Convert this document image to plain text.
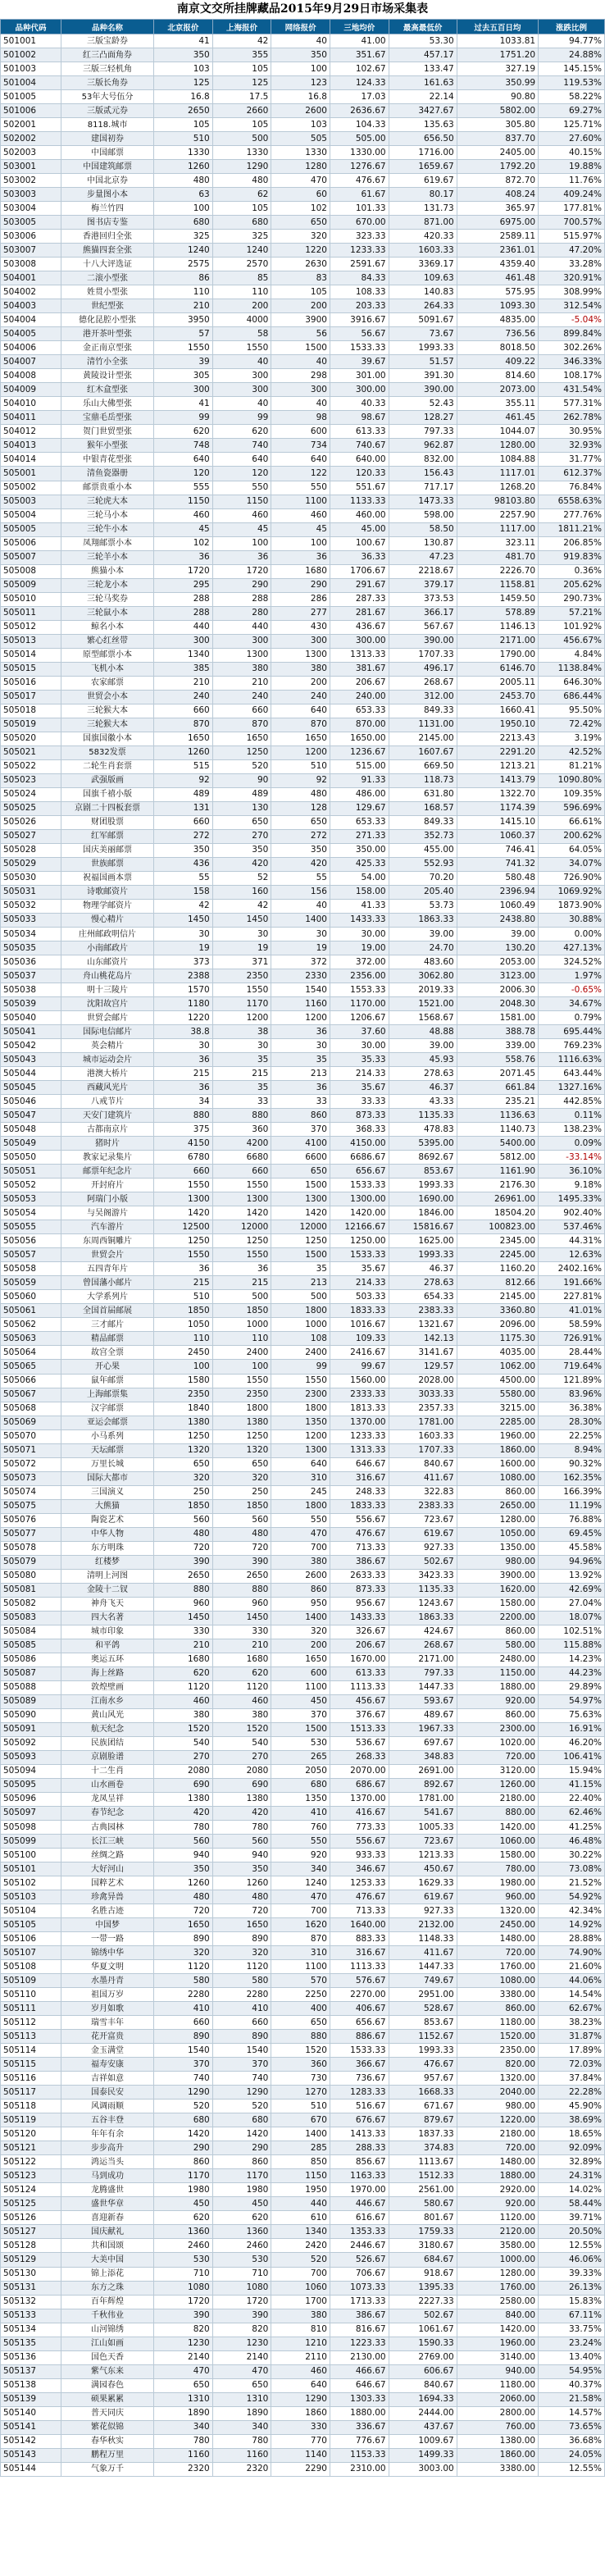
南京文交所挂牌藏品2015年9月29日市场采集表
品种代码	品种名称	北京报价	上海报价	网络报价	三地均价	最高最低价	过去五百日均	涨跌比例
501001	三版宝龄券	41	42	40	41.00	53.30	1033.81	94.77%
501002	红三凸面角券	350	355	350	351.67	457.17	1751.20	24.88%
501003	三版三轻机角	103	105	100	102.67	133.47	327.19	145.15%
501004	三版长角券	125	125	123	124.33	161.63	350.99	119.53%
501005	53年大号伍分	16.8	17.5	16.8	17.03	22.14	90.80	58.22%
501006	三版贰元券	2650	2660	2600	2636.67	3427.67	5802.00	69.27%
502001	8118.城市	105	105	103	104.33	135.63	305.80	125.71%
502002	建国初券	510	500	505	505.00	656.50	837.70	27.60%
502003	中国邮票	1330	1330	1330	1330.00	1716.00	2405.00	40.15%
503001	中国建筑邮票	1260	1290	1280	1276.67	1659.67	1792.20	19.88%
503002	中国北京券	480	480	470	476.67	619.67	872.70	11.76%
503003	步量图小本	63	62	60	61.67	80.17	408.24	409.24%
503004	梅兰竹四	100	105	102	101.33	131.73	365.97	177.81%
503005	图书店专鉴	680	680	650	670.00	871.00	6975.00	700.57%
503006	香港回归全张	325	325	320	323.33	420.33	2589.11	515.97%
503007	熊猫四套全张	1240	1240	1220	1233.33	1603.33	2361.01	47.20%
503008	十八大评选证	2575	2570	2630	2591.67	3369.17	4359.40	33.28%
504001	二滚小型张	86	85	83	84.33	109.63	461.48	320.91%
504002	姓贯小型张	110	110	105	108.33	140.83	575.95	308.99%
504003	世纪型张	210	200	200	203.33	264.33	1093.30	312.54%
504004	德化昆腔小型张	3950	4000	3900	3916.67	5091.67	4835.00	-5.04%
504005	港开茶叶型张	57	58	56	56.67	73.67	736.56	899.84%
504006	金正南京型张	1550	1550	1500	1533.33	1993.33	8018.50	302.26%
504007	清竹小全张	39	40	40	39.67	51.57	409.22	346.33%
504008	黄陵设计型张	305	300	298	301.00	391.30	814.60	108.17%
504009	红木盒型张	300	300	300	300.00	390.00	2073.00	431.54%
504010	乐山大佛型张	41	40	40	40.33	52.43	355.11	577.31%
504011	宝鼎毛岳型张	99	99	98	98.67	128.27	461.45	262.78%
504012	贺门世贸型张	620	620	600	613.33	797.33	1044.07	30.95%
504013	猴年小型张	748	740	734	740.67	962.87	1280.00	32.93%
504014	中银青花型张	640	640	640	640.00	832.00	1084.88	31.77%
505001	清鱼瓷器册	120	120	122	120.33	156.43	1117.01	612.37%
505002	邮票贵重小本	555	550	550	551.67	717.17	1268.20	76.84%
505003	三轮虎大本	1150	1150	1100	1133.33	1473.33	98103.80	6558.63%
505004	三轮马小本	460	460	460	460.00	598.00	2257.90	277.76%
505005	三轮牛小本	45	45	45	45.00	58.50	1117.00	1811.21%
505006	凤翔邮票小本	102	100	100	100.67	130.87	323.11	206.85%
505007	三轮羊小本	36	36	36	36.33	47.23	481.70	919.83%
505008	熊猫小本	1720	1720	1680	1706.67	2218.67	2226.70	0.36%
505009	三轮龙小本	295	290	290	291.67	379.17	1158.81	205.62%
505010	三轮马奖券	288	288	286	287.33	373.53	1459.50	290.73%
505011	三轮鼠小本	288	280	277	281.67	366.17	578.89	57.21%
505012	鲸名小本	440	440	430	436.67	567.67	1146.13	101.92%
505013	繁心红丝带	300	300	300	300.00	390.00	2171.00	456.67%
505014	原型邮票小本	1340	1300	1300	1313.33	1707.33	1790.00	4.84%
505015	飞机小本	385	380	380	381.67	496.17	6146.70	1138.84%
505016	农家邮票	210	210	200	206.67	268.67	2005.11	646.30%
505017	世贸会小本	240	240	240	240.00	312.00	2453.70	686.44%
505018	三轮猴大本	660	660	640	653.33	849.33	1660.41	95.50%
505019	三轮猴大本	870	870	870	870.00	1131.00	1950.10	72.42%
505020	国旗国徽小本	1650	1650	1650	1650.00	2145.00	2213.43	3.19%
505021	5832发票	1260	1250	1200	1236.67	1607.67	2291.20	42.52%
505022	二轮生肖套票	515	520	510	515.00	669.50	1213.21	81.21%
505023	武强版画	92	90	92	91.33	118.73	1413.79	1090.80%
505024	国旗千禧小版	489	489	480	486.00	631.80	1322.70	109.35%
505025	京剧二十四板套票	131	130	128	129.67	168.57	1174.39	596.69%
505026	财团股票	660	650	650	653.33	849.33	1415.10	66.61%
505027	红军邮票	272	270	272	271.33	352.73	1060.37	200.62%
505028	国庆美丽邮票	350	350	350	350.00	455.00	746.41	64.05%
505029	世族邮票	436	420	420	425.33	552.93	741.32	34.07%
505030	祝福国画本票	55	52	55	54.00	70.20	580.48	726.90%
505031	诗歌邮资片	158	160	156	158.00	205.40	2396.94	1069.92%
505032	物理学邮资片	42	42	40	41.33	53.73	1060.49	1873.90%
505033	慢心精片	1450	1450	1400	1433.33	1863.33	2438.80	30.88%
505034	庄州邮政明信片	30	30	30	30.00	39.00	39.00	0.00%
505035	小南邮政片	19	19	19	19.00	24.70	130.20	427.13%
505036	山东邮资片	373	371	372	372.00	483.60	2053.00	324.52%
505037	舟山桃花岛片	2388	2350	2330	2356.00	3062.80	3123.00	1.97%
505038	明十三陵片	1570	1550	1540	1553.33	2019.33	2006.30	-0.65%
505039	沈阳故宫片	1180	1170	1160	1170.00	1521.00	2048.30	34.67%
505040	世贸会邮片	1220	1200	1200	1206.67	1568.67	1581.00	0.79%
505041	国际电信邮片	38.8	38	36	37.60	48.88	388.78	695.44%
505042	英会精片	30	30	30	30.00	39.00	339.00	769.23%
505043	城市运动会片	36	35	35	35.33	45.93	558.76	1116.63%
505044	港澳大桥片	215	215	213	214.33	278.63	2071.45	643.44%
505045	西藏风光片	36	35	36	35.67	46.37	661.84	1327.16%
505046	八戒节片	34	33	33	33.33	43.33	235.21	442.85%
505047	天安门建筑片	880	880	860	873.33	1135.33	1136.63	0.11%
505048	古都南京片	375	360	370	368.33	478.83	1140.73	138.23%
505049	猪时片	4150	4200	4100	4150.00	5395.00	5400.00	0.09%
505050	教家记录集片	6780	6680	6600	6686.67	8692.67	5812.00	-33.14%
505051	邮票年纪念片	660	660	650	656.67	853.67	1161.90	36.10%
505052	开封府片	1550	1550	1500	1533.33	1993.33	2176.30	9.18%
505053	阿瑞门小版	1300	1300	1300	1300.00	1690.00	26961.00	1495.33%
505054	与吴阁游片	1420	1420	1420	1420.00	1846.00	18504.20	902.40%
505055	汽车游片	12500	12000	12000	12166.67	15816.67	100823.00	537.46%
505056	东周西铜雕片	1250	1250	1250	1250.00	1625.00	2345.00	44.31%
505057	世贸会片	1550	1550	1500	1533.33	1993.33	2245.00	12.63%
505058	五四青年片	36	36	35	35.67	46.37	1160.20	2402.16%
505059	曾国藩小邮片	215	215	213	214.33	278.63	812.66	191.66%
505060	大学系列片	510	500	500	503.33	654.33	2145.00	227.81%
505061	全国首届邮展	1850	1850	1800	1833.33	2383.33	3360.80	41.01%
505062	三才邮片	1050	1000	1000	1016.67	1321.67	2096.00	58.59%
505063	精品邮票	110	110	108	109.33	142.13	1175.30	726.91%
505064	故宫全票	2450	2400	2400	2416.67	3141.67	4035.00	28.44%
505065	开心果	100	100	99	99.67	129.57	1062.00	719.64%
505066	鼠年邮票	1580	1550	1550	1560.00	2028.00	4500.00	121.89%
505067	上海邮票集	2350	2350	2300	2333.33	3033.33	5580.00	83.96%
505068	汉字邮票	1840	1800	1800	1813.33	2357.33	3215.00	36.38%
505069	亚运会邮票	1380	1380	1350	1370.00	1781.00	2285.00	28.30%
505070	小马系列	1250	1250	1200	1233.33	1603.33	1960.00	22.25%
505071	天坛邮票	1320	1320	1300	1313.33	1707.33	1860.00	8.94%
505072	万里长城	650	650	640	646.67	840.67	1600.00	90.32%
505073	国际大都市	320	320	310	316.67	411.67	1080.00	162.35%
505074	三国演义	250	250	245	248.33	322.83	860.00	166.39%
505075	大熊猫	1850	1850	1800	1833.33	2383.33	2650.00	11.19%
505076	陶瓷艺术	560	560	550	556.67	723.67	1280.00	76.88%
505077	中华人物	480	480	470	476.67	619.67	1050.00	69.45%
505078	东方明珠	720	720	700	713.33	927.33	1350.00	45.58%
505079	红楼梦	390	390	380	386.67	502.67	980.00	94.96%
505080	清明上河图	2650	2650	2600	2633.33	3423.33	3900.00	13.92%
505081	金陵十二钗	880	880	860	873.33	1135.33	1620.00	42.69%
505082	神舟飞天	960	960	950	956.67	1243.67	1580.00	27.04%
505083	四大名著	1450	1450	1400	1433.33	1863.33	2200.00	18.07%
505084	城市印象	330	330	320	326.67	424.67	860.00	102.51%
505085	和平鸽	210	210	200	206.67	268.67	580.00	115.88%
505086	奥运五环	1680	1680	1650	1670.00	2171.00	2480.00	14.23%
505087	海上丝路	620	620	600	613.33	797.33	1150.00	44.23%
505088	敦煌壁画	1120	1120	1100	1113.33	1447.33	1880.00	29.89%
505089	江南水乡	460	460	450	456.67	593.67	920.00	54.97%
505090	黄山风光	380	380	370	376.67	489.67	860.00	75.63%
505091	航天纪念	1520	1520	1500	1513.33	1967.33	2300.00	16.91%
505092	民族团结	540	540	530	536.67	697.67	1020.00	46.20%
505093	京剧脸谱	270	270	265	268.33	348.83	720.00	106.41%
505094	十二生肖	2080	2080	2050	2070.00	2691.00	3120.00	15.94%
505095	山水画卷	690	690	680	686.67	892.67	1260.00	41.15%
505096	龙凤呈祥	1380	1380	1350	1370.00	1781.00	2180.00	22.40%
505097	春节纪念	420	420	410	416.67	541.67	880.00	62.46%
505098	古典园林	780	780	760	773.33	1005.33	1420.00	41.25%
505099	长江三峡	560	560	550	556.67	723.67	1060.00	46.48%
505100	丝绸之路	940	940	920	933.33	1213.33	1580.00	30.22%
505101	大好河山	350	350	340	346.67	450.67	780.00	73.08%
505102	国粹艺术	1260	1260	1240	1253.33	1629.33	1980.00	21.52%
505103	珍禽异兽	480	480	470	476.67	619.67	960.00	54.92%
505104	名胜古迹	720	720	700	713.33	927.33	1320.00	42.34%
505105	中国梦	1650	1650	1620	1640.00	2132.00	2450.00	14.92%
505106	一带一路	890	890	870	883.33	1148.33	1480.00	28.88%
505107	锦绣中华	320	320	310	316.67	411.67	720.00	74.90%
505108	华夏文明	1120	1120	1100	1113.33	1447.33	1760.00	21.60%
505109	水墨丹青	580	580	570	576.67	749.67	1080.00	44.06%
505110	祖国万岁	2280	2280	2250	2270.00	2951.00	3380.00	14.54%
505111	岁月如歌	410	410	400	406.67	528.67	860.00	62.67%
505112	瑞雪丰年	660	660	650	656.67	853.67	1180.00	38.23%
505113	花开富贵	890	890	880	886.67	1152.67	1520.00	31.87%
505114	金玉满堂	1540	1540	1520	1533.33	1993.33	2350.00	17.89%
505115	福寿安康	370	370	360	366.67	476.67	820.00	72.03%
505116	吉祥如意	740	740	730	736.67	957.67	1320.00	37.84%
505117	国泰民安	1290	1290	1270	1283.33	1668.33	2040.00	22.28%
505118	风调雨顺	520	520	510	516.67	671.67	980.00	45.90%
505119	五谷丰登	680	680	670	676.67	879.67	1220.00	38.69%
505120	年年有余	1420	1420	1400	1413.33	1837.33	2180.00	18.65%
505121	步步高升	290	290	285	288.33	374.83	720.00	92.09%
505122	鸿运当头	860	860	850	856.67	1113.67	1480.00	32.89%
505123	马到成功	1170	1170	1150	1163.33	1512.33	1880.00	24.31%
505124	龙腾盛世	1980	1980	1950	1970.00	2561.00	2920.00	14.02%
505125	盛世华章	450	450	440	446.67	580.67	920.00	58.44%
505126	喜迎新春	620	620	610	616.67	801.67	1120.00	39.71%
505127	国庆献礼	1360	1360	1340	1353.33	1759.33	2120.00	20.50%
505128	共和国颂	2460	2460	2420	2446.67	3180.67	3580.00	12.55%
505129	大美中国	530	530	520	526.67	684.67	1000.00	46.06%
505130	锦上添花	710	710	700	706.67	918.67	1280.00	39.33%
505131	东方之珠	1080	1080	1060	1073.33	1395.33	1760.00	26.13%
505132	百年辉煌	1720	1720	1700	1713.33	2227.33	2580.00	15.83%
505133	千秋伟业	390	390	380	386.67	502.67	840.00	67.11%
505134	山河锦绣	820	820	810	816.67	1061.67	1420.00	33.75%
505135	江山如画	1230	1230	1210	1223.33	1590.33	1960.00	23.24%
505136	国色天香	2140	2140	2110	2130.00	2769.00	3140.00	13.40%
505137	紫气东来	470	470	460	466.67	606.67	940.00	54.95%
505138	满园春色	650	650	640	646.67	840.67	1180.00	40.37%
505139	硕果累累	1310	1310	1290	1303.33	1694.33	2060.00	21.58%
505140	普天同庆	1890	1890	1860	1880.00	2444.00	2800.00	14.57%
505141	繁花似锦	340	340	330	336.67	437.67	760.00	73.65%
505142	春华秋实	780	780	770	776.67	1009.67	1380.00	36.68%
505143	鹏程万里	1160	1160	1140	1153.33	1499.33	1860.00	24.05%
505144	气象万千	2320	2320	2290	2310.00	3003.00	3380.00	12.55%
